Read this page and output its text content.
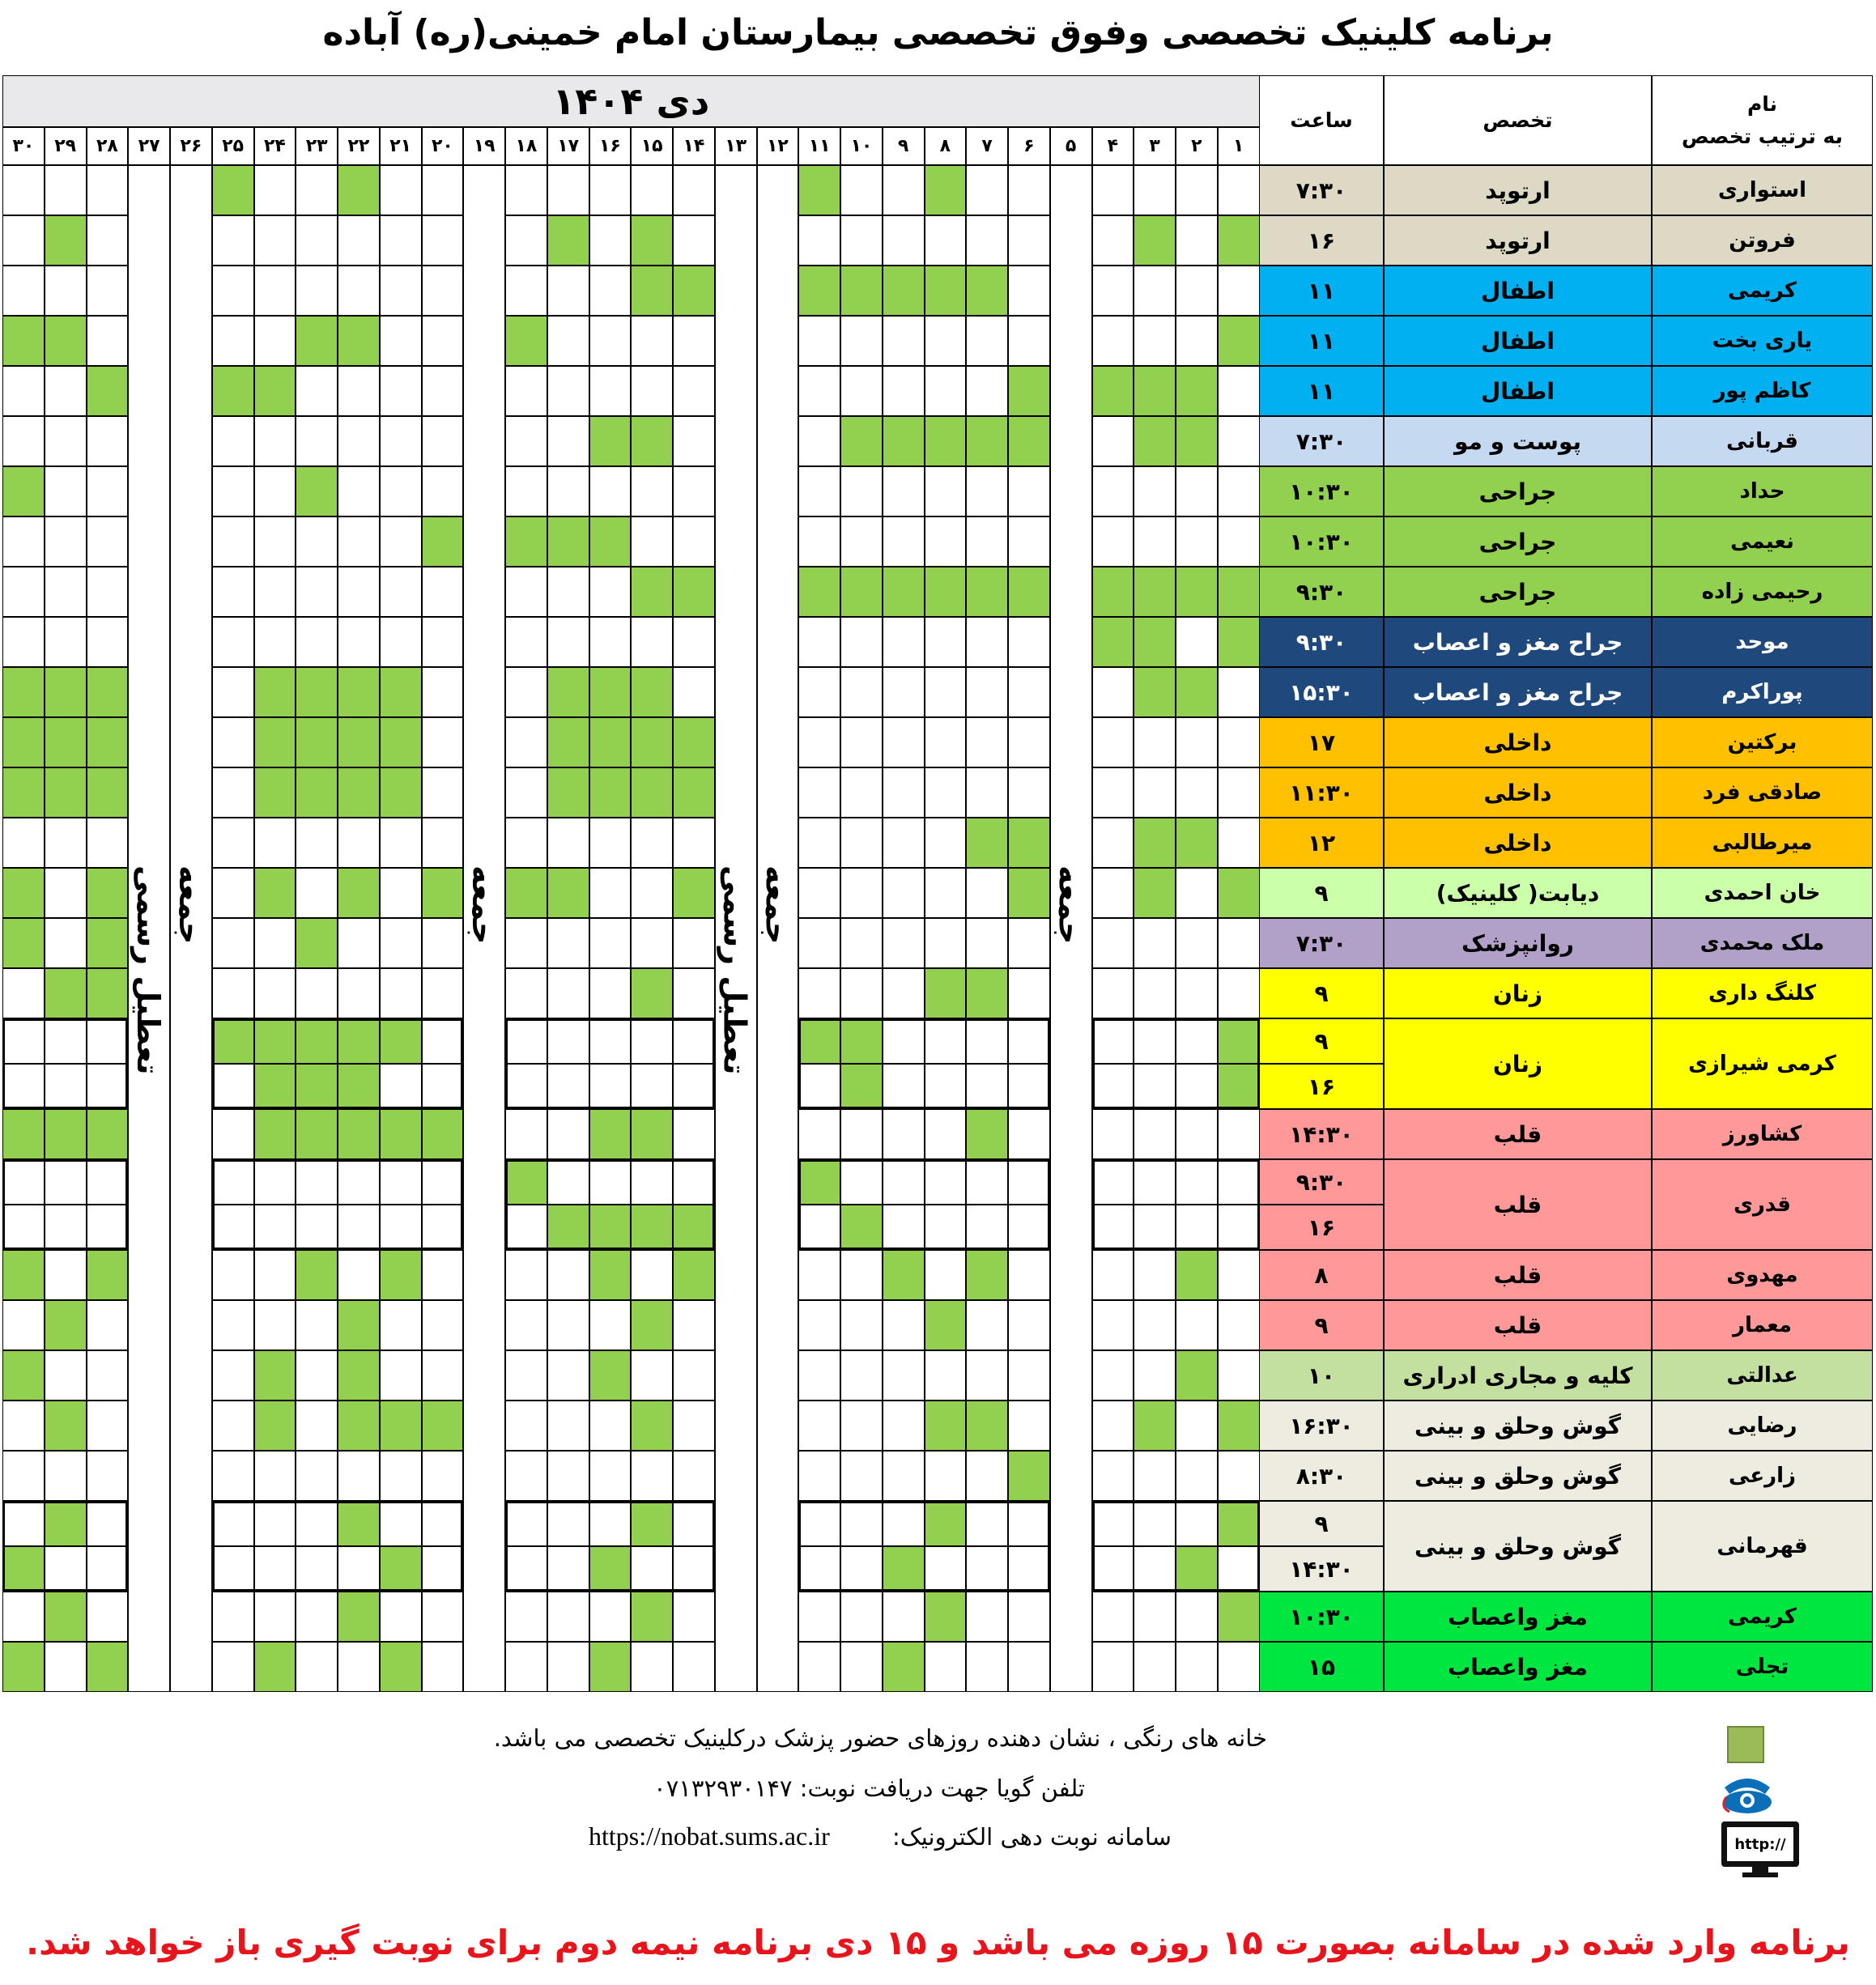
برنامه کلینیک تخصصی وفوق تخصصی بیمارستان امام خمینی(ره) آباده
دی ۱۴۰۴
۱
۲
۳
۴
۵
۶
۷
۸
۹
۱۰
۱۱
۱۲
۱۳
۱۴
۱۵
۱۶
۱۷
۱۸
۱۹
۲۰
۲۱
۲۲
۲۳
۲۴
۲۵
۲۶
۲۷
۲۸
۲۹
۳۰
ساعت	تخصص
نام
به ترتیب تخصص
استواری
ارتوپد
۷:۳۰
فروتن
ارتوپد
۱۶
کریمی
اطفال
۱۱
یاری بخت
اطفال
۱۱
کاظم پور
اطفال
۱۱
قربانی
پوست و مو
۷:۳۰
حداد
جراحی
۱۰:۳۰
نعیمی
جراحی
۱۰:۳۰
رحیمی زاده
جراحی
۹:۳۰
موحد
جراح مغز و اعصاب
۹:۳۰
پوراکرم
جراح مغز و اعصاب
۱۵:۳۰
برکتین
داخلی
۱۷
صادقی فرد
داخلی
۱۱:۳۰
میرطالبی
داخلی
۱۲
خان احمدی
دیابت( کلینیک)
۹
ملک محمدی
روانپزشک
۷:۳۰
کلنگ داری
زنان
۹
کرمی شیرازی
زنان
۹
۱۶
کشاورز
قلب
۱۴:۳۰
قدری
قلب
۹:۳۰
۱۶
مهدوی
قلب
۸
معمار
قلب
۹
عدالتی
کلیه و مجاری ادراری
۱۰
رضایی
گوش وحلق و بینی
۱۶:۳۰
زارعی
گوش وحلق و بینی
۸:۳۰
قهرمانی
گوش وحلق و بینی
۹
۱۴:۳۰
کریمی
مغز واعصاب
۱۰:۳۰
تجلی
مغز واعصاب
۱۵
جمعه
جمعه
تعطیل رسمی
جمعه
جمعه
تعطیل رسمی
خانه های رنگی ، نشان دهنده روزهای حضور پزشک درکلینیک تخصصی می باشد.
تلفن گویا جهت دریافت نوبت: ۰۷۱۳۲۹۳۰۱۴۷
http://
سامانه نوبت دهی الکترونیک:
https://nobat.sums.ac.ir
برنامه وارد شده در سامانه بصورت ۱۵ روزه می باشد و ۱۵ دی برنامه نیمه دوم برای نوبت گیری باز خواهد شد.
